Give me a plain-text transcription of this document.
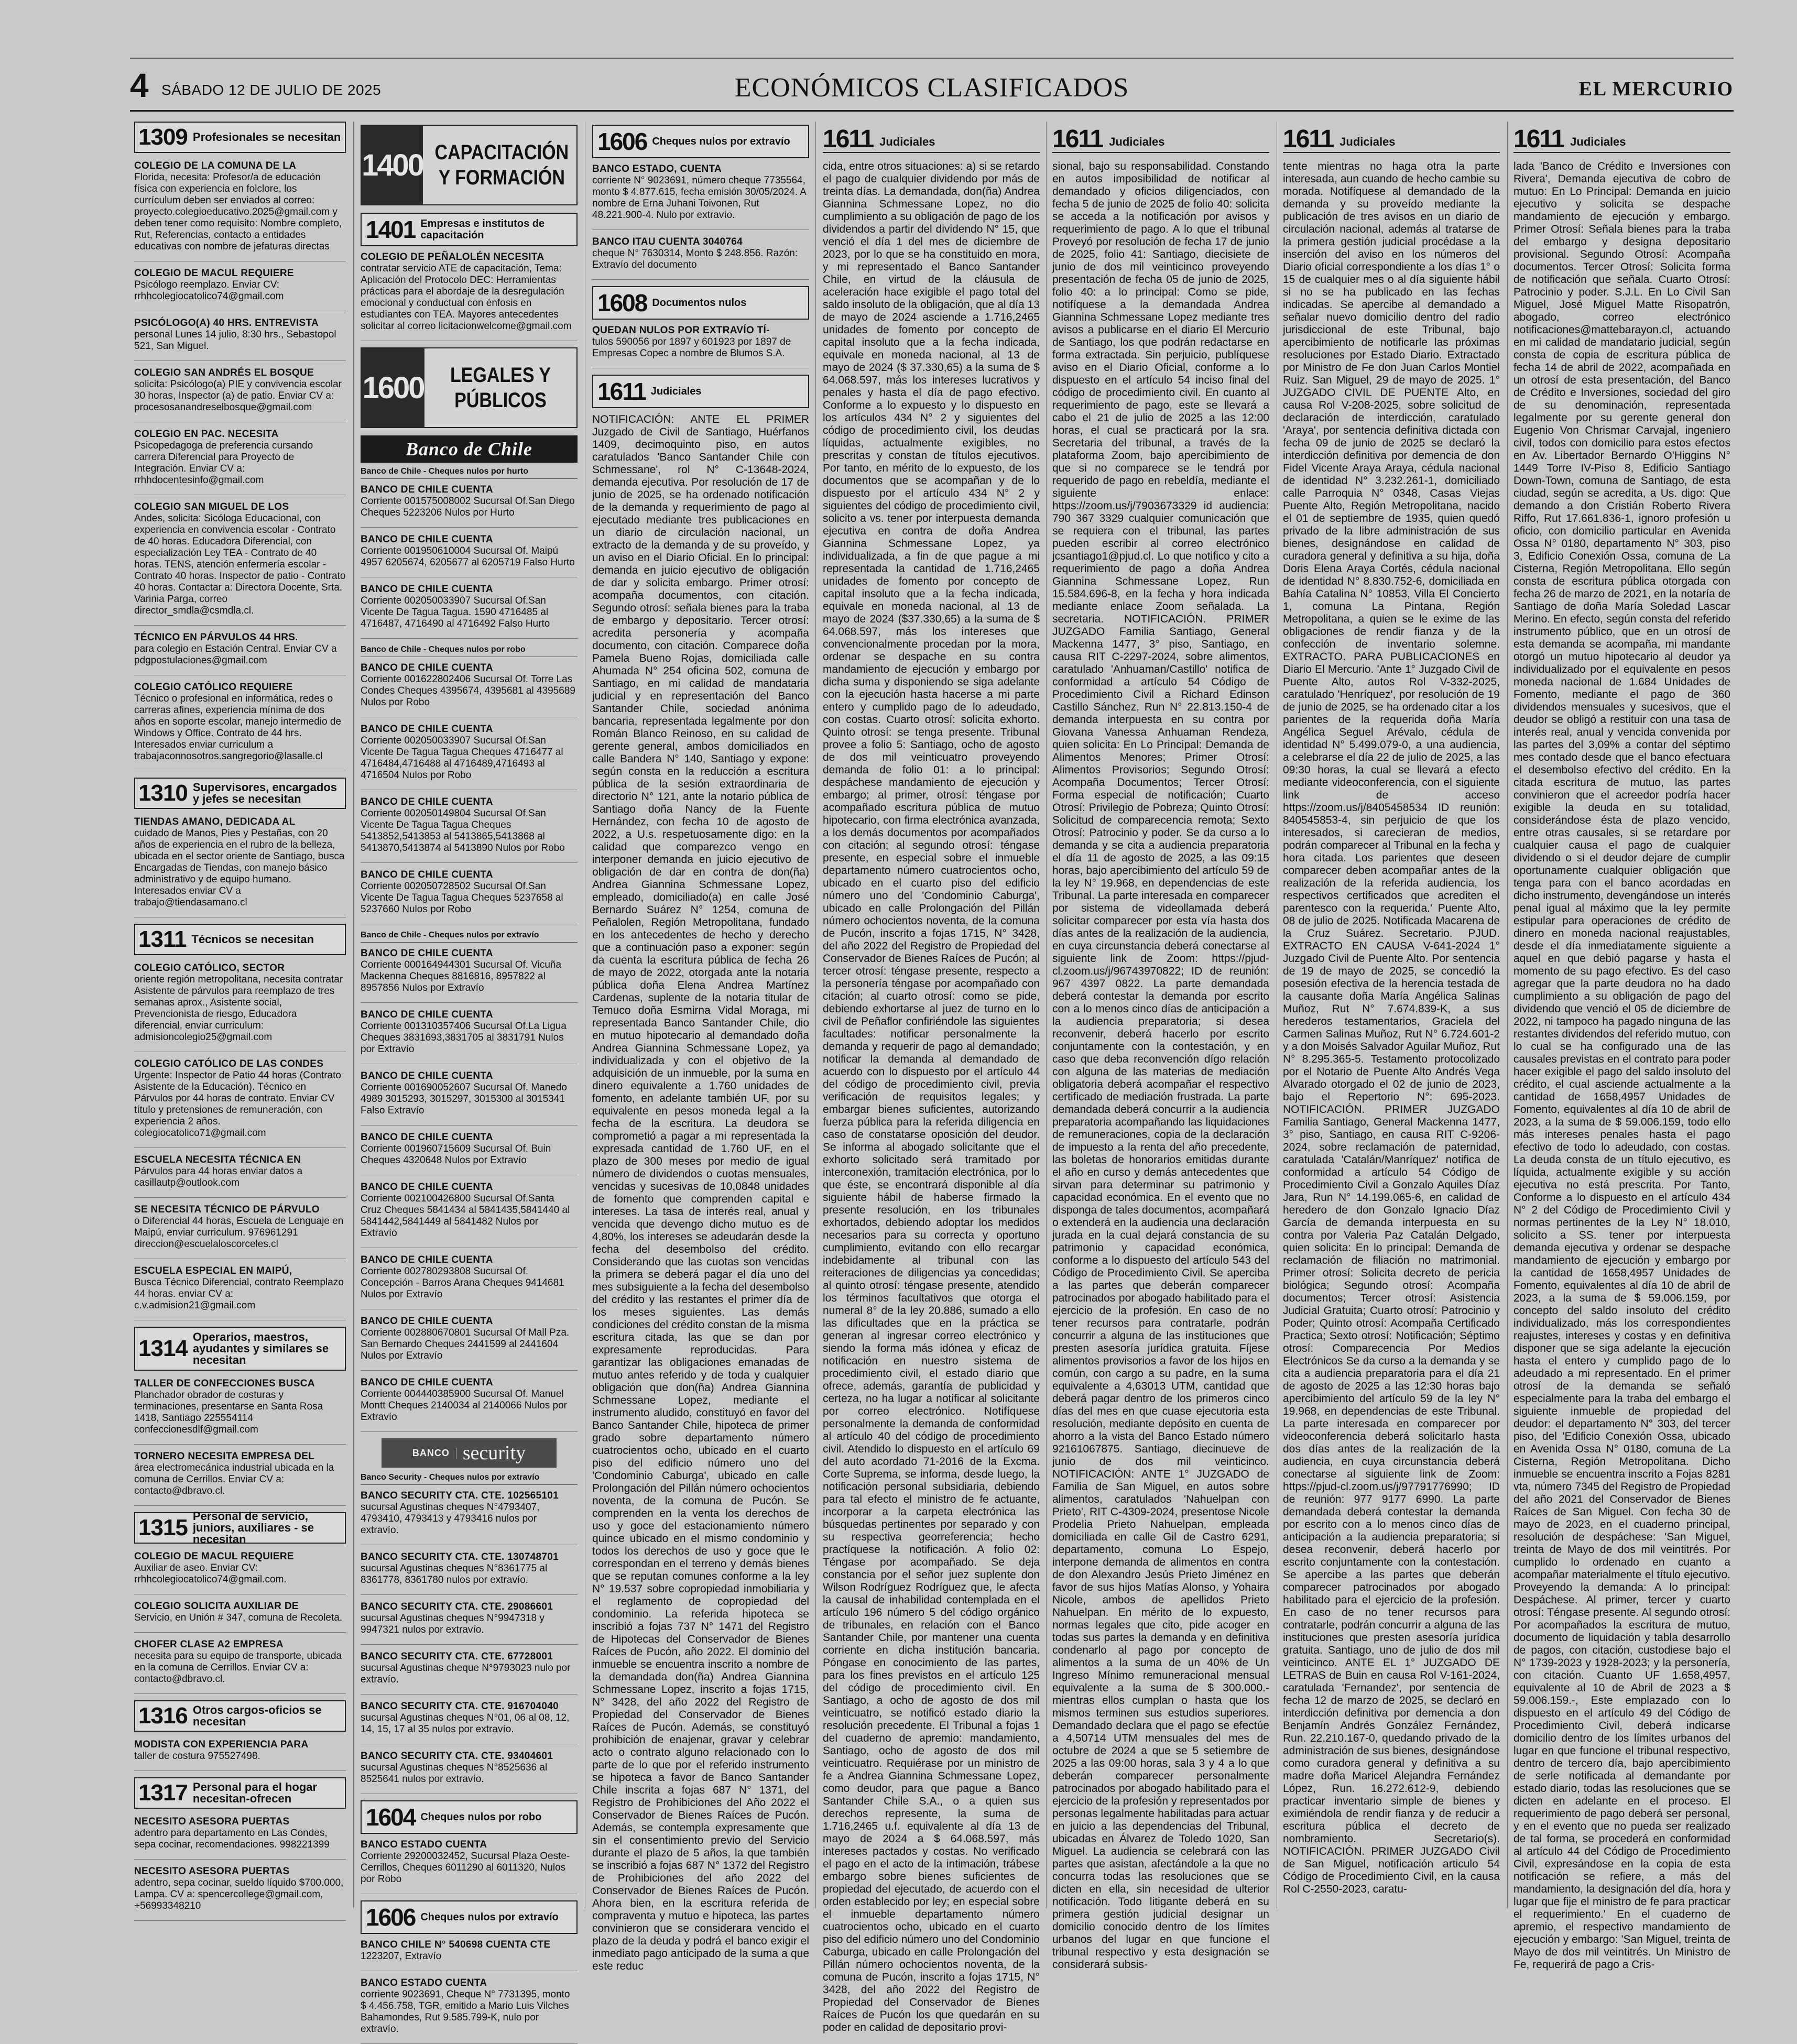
4 SÁBADO 12 DE JULIO DE 2025	ECONÓMICOS CLASIFICADOS	EL MERCURIO
1309 Profesionales se necesitan
COLEGIO DE LA COMUNA DE LA
Florida, necesita: Profesor/a de educación física con experiencia en folclore, los currículum deben ser enviados al correo: proyecto.colegioeducativo.2025@gmail.com y deben tener como requisito: Nombre completo, Rut, Referencias, contacto a entidades educativas con nombre de jefaturas directas
COLEGIO DE MACUL REQUIERE
Psicólogo reemplazo. Enviar CV: rrhhcolegiocatolico74@gmail.com
PSICÓLOGO(A) 40 HRS. ENTREVISTA
personal Lunes 14 julio, 8:30 hrs., Sebastopol 521, San Miguel.
COLEGIO SAN ANDRÉS EL BOSQUE
solicita: Psicólogo(a) PIE y convivencia escolar 30 horas, Inspector (a) de patio. Enviar CV a: procesosanandreselbosque@gmail.com
COLEGIO EN PAC. NECESITA
Psicopedagoga de preferencia cursando carrera Diferencial para Proyecto de Integración. Enviar CV a: rrhhdocentesinfo@gmail.com
COLEGIO SAN MIGUEL DE LOS
Andes, solicita: Sicóloga Educacional, con experiencia en convivencia escolar - Contrato de 40 horas. Educadora Diferencial, con especialización Ley TEA - Contrato de 40 horas. TENS, atención enfermería escolar - Contrato 40 horas. Inspector de patio - Contrato 40 horas. Contactar a: Directora Docente, Srta. Varinia Parga, correo director_smdla@csmdla.cl.
TÉCNICO EN PÁRVULOS 44 HRS.
para colegio en Estación Central. Enviar CV a pdgpostulaciones@gmail.com
COLEGIO CATÓLICO REQUIERE
Técnico o profesional en informática, redes o carreras afines, experiencia mínima de dos años en soporte escolar, manejo intermedio de Windows y Office. Contrato de 44 hrs. Interesados enviar curriculum a trabajaconnosotros.sangregorio@lasalle.cl
1310 Supervisores, encargados y jefes se necesitan
TIENDAS AMANO, DEDICADA AL
cuidado de Manos, Pies y Pestañas, con 20 años de experiencia en el rubro de la belleza, ubicada en el sector oriente de Santiago, busca Encargadas de Tiendas, con manejo básico administrativo y de equipo humano. Interesados enviar CV a trabajo@tiendasamano.cl
1311 Técnicos se necesitan
COLEGIO CATÓLICO, SECTOR
oriente región metropolitana, necesita contratar Asistente de párvulos para reemplazo de tres semanas aprox., Asistente social, Prevencionista de riesgo, Educadora diferencial, enviar curriculum: admisioncolegio25@gmail.com
COLEGIO CATÓLICO DE LAS CONDES
Urgente: Inspector de Patio 44 horas (Contrato Asistente de la Educación). Técnico en Párvulos por 44 horas de contrato. Enviar CV título y pretensiones de remuneración, con experiencia 2 años. colegiocatolico71@gmail.com
ESCUELA NECESITA TÉCNICA EN
Párvulos para 44 horas enviar datos a casillautp@outlook.com
SE NECESITA TÉCNICO DE PÁRVULO
o Diferencial 44 horas, Escuela de Lenguaje en Maipú, enviar curriculum. 976961291 direccion@escuelaloscorceles.cl
ESCUELA ESPECIAL EN MAIPÚ,
Busca Técnico Diferencial, contrato Reemplazo 44 horas. enviar CV a: c.v.admision21@gmail.com
1314 Operarios, maestros, ayudantes y similares se necesitan
TALLER DE CONFECCIONES BUSCA
Planchador obrador de costuras y terminaciones, presentarse en Santa Rosa 1418, Santiago 225554114 confeccionesdlf@gmail.com
TORNERO NECESITA EMPRESA DEL
área electromecánica industrial ubicada en la comuna de Cerrillos. Enviar CV a: contacto@dbravo.cl.
1315 Personal de servicio, juniors, auxiliares - se necesitan
COLEGIO DE MACUL REQUIERE
Auxiliar de aseo. Enviar CV: rrhhcolegiocatolico74@gmail.com.
COLEGIO SOLICITA AUXILIAR DE
Servicio, en Unión # 347, comuna de Recoleta.
CHOFER CLASE A2 EMPRESA
necesita para su equipo de transporte, ubicada en la comuna de Cerrillos. Enviar CV a: contacto@dbravo.cl.
1316 Otros cargos-oficios se necesitan
MODISTA CON EXPERIENCIA PARA
taller de costura 975527498.
1317 Personal para el hogar necesitan-ofrecen
NECESITO ASESORA PUERTAS
adentro para departamento en Las Condes, sepa cocinar, recomendaciones. 998221399
NECESITO ASESORA PUERTAS
adentro, sepa cocinar, sueldo líquido $700.000, Lampa. CV a: spencercollege@gmail.com, +56993348210
1400 CAPACITACIÓN Y FORMACIÓN
1401 Empresas e institutos de capacitación
COLEGIO DE PEÑALOLÉN NECESITA
contratar servicio ATE de capacitación, Tema: Aplicación del Protocolo DEC: Herramientas prácticas para el abordaje de la desregulación emocional y conductual con énfosis en estudiantes con TEA. Mayores antecedentes solicitar al correo licitacionwelcome@gmail.com
1600	LEGALES Y PÚBLICOS
Banco de Chile
Banco de Chile - Cheques nulos por hurto
BANCO DE CHILE CUENTA
Corriente 001575008002 Sucursal Of.San Diego Cheques 5223206 Nulos por Hurto
BANCO DE CHILE CUENTA
Corriente 001950610004 Sucursal Of. Maipú 4957 6205674, 6205677 al 6205719 Falso Hurto
BANCO DE CHILE CUENTA
Corriente 002050033907 Sucursal Of.San Vicente De Tagua Tagua. 1590 4716485 al 4716487, 4716490 al 4716492 Falso Hurto
Banco de Chile - Cheques nulos por robo
BANCO DE CHILE CUENTA
Corriente 001622802406 Sucursal Of. Torre Las Condes Cheques 4395674, 4395681 al 4395689 Nulos por Robo
BANCO DE CHILE CUENTA
Corriente 002050033907 Sucursal Of.San Vicente De Tagua Tagua Cheques 4716477 al 4716484,4716488 al 4716489,4716493 al 4716504 Nulos por Robo
BANCO DE CHILE CUENTA
Corriente 002050149804 Sucursal Of.San Vicente De Tagua Tagua Cheques 5413852,5413853 al 5413865,5413868 al 5413870,5413874 al 5413890 Nulos por Robo
BANCO DE CHILE CUENTA
Corriente 002050728502 Sucursal Of.San Vicente De Tagua Tagua Cheques 5237658 al 5237660 Nulos por Robo
Banco de Chile - Cheques nulos por extravío
BANCO DE CHILE CUENTA
Corriente 000164944301 Sucursal Of. Vicuña Mackenna Cheques 8816816, 8957822 al 8957856 Nulos por Extravío
BANCO DE CHILE CUENTA
Corriente 001310357406 Sucursal Of.La Ligua Cheques 3831693,3831705 al 3831791 Nulos por Extravío
BANCO DE CHILE CUENTA
Corriente 001690052607 Sucursal Of. Manedo 4989 3015293, 3015297, 3015300 al 3015341 Falso Extravío
BANCO DE CHILE CUENTA
Corriente 001960715609 Sucursal Of. Buin Cheques 4320648 Nulos por Extravío
BANCO DE CHILE CUENTA
Corriente 002100426800 Sucursal Of.Santa Cruz Cheques 5841434 al 5841435,5841440 al 5841442,5841449 al 5841482 Nulos por Extravío
BANCO DE CHILE CUENTA
Corriente 002780293808 Sucursal Of. Concepción - Barros Arana Cheques 9414681 Nulos por Extravío
BANCO DE CHILE CUENTA
Corriente 002880670801 Sucursal Of Mall Pza. San Bernardo Cheques 2441599 al 2441604 Nulos por Extravío
BANCO DE CHILE CUENTA
Corriente 004440385900 Sucursal Of. Manuel Montt Cheques 2140034 al 2140066 Nulos por Extravío
BANCO security
Banco Security - Cheques nulos por extravío
BANCO SECURITY CTA. CTE. 102565101
sucursal Agustinas cheques N°4793407, 4793410, 4793413 y 4793416 nulos por extravío.
BANCO SECURITY CTA. CTE. 130748701
sucursal Agustinas cheques N°8361775 al 8361778, 8361780 nulos por extravío.
BANCO SECURITY CTA. CTE. 29086601
sucursal Agustinas cheques N°9947318 y 9947321 nulos por extravío.
BANCO SECURITY CTA. CTE. 67728001
sucursal Agustinas cheque N°9793023 nulo por extravío.
BANCO SECURITY CTA. CTE. 916704040
sucursal Agustinas cheques N°01, 06 al 08, 12, 14, 15, 17 al 35 nulos por extravío.
BANCO SECURITY CTA. CTE. 93404601
sucursal Agustinas cheques N°8525636 al 8525641 nulos por extravío.
1604 Cheques nulos por robo
BANCO ESTADO CUENTA
Corriente 29200032452, Sucursal Plaza Oeste- Cerrillos, Cheques 6011290 al 6011320, Nulos por Robo
1606 Cheques nulos por extravío
BANCO CHILE N° 540698 CUENTA CTE
1223207, Extravío
BANCO ESTADO CUENTA
corriente 9023691, Cheque N° 7731395, monto $ 4.456.758, TGR, emitido a Mario Luis Vilches Bahamondes, Rut 9.585.799-K, nulo por extravío.
1606 Cheques nulos por extravío
BANCO ESTADO, CUENTA
corriente N° 9023691, número cheque 7735564, monto $ 4.877.615, fecha emisión 30/05/2024. A nombre de Erna Juhani Toivonen, Rut 48.221.900-4. Nulo por extravío.
BANCO ITAU CUENTA 3040764
cheque N° 7630314, Monto $ 248.856. Razón: Extravío del documento
1608 Documentos nulos
QUEDAN NULOS POR EXTRAVÍO TÍ-
tulos 590056 por 1897 y 601923 por 1897 de Empresas Copec a nombre de Blumos S.A.
1611 Judiciales
NOTIFICACIÓN: ANTE EL PRIMER Juzgado de Civil de Santiago, Huérfanos 1409, decimoquinto piso, en autos caratulados 'Banco Santander Chile con Schmessane', rol N° C-13648-2024, demanda ejecutiva. Por resolución de 17 de junio de 2025, se ha ordenado notificación de la demanda y requerimiento de pago al ejecutado mediante tres publicaciones en un diario de circulación nacional, un extracto de la demanda y de su proveído, y un aviso en el Diario Oficial. En lo principal: demanda en juicio ejecutivo de obligación de dar y solicita embargo. Primer otrosí: acompaña documentos, con citación. Segundo otrosí: señala bienes para la traba de embargo y depositario. Tercer otrosí: acredita personería y acompaña documento, con citación. Comparece doña Pamela Bueno Rojas, domiciliada calle Ahumada N° 254 oficina 502, comuna de Santiago, en mi calidad de mandataria judicial y en representación del Banco Santander Chile, sociedad anónima bancaria, representada legalmente por don Román Blanco Reinoso, en su calidad de gerente general, ambos domiciliados en calle Bandera N° 140, Santiago y expone: según consta en la reducción a escritura pública de la sesión extraordinaria de directorio N° 121, ante la notario pública de Santiago doña Nancy de la Fuente Hernández, con fecha 10 de agosto de 2022, a U.s. respetuosamente digo: en la calidad que comparezco vengo en interponer demanda en juicio ejecutivo de obligación de dar en contra de don(ña) Andrea Giannina Schmessane Lopez, empleado, domiciliado(a) en calle José Bernardo Suárez N° 1254, comuna de Peñalolen, Región Metropolitana, fundado en los antecedentes de hecho y derecho que a continuación paso a exponer: según da cuenta la escritura pública de fecha 26 de mayo de 2022, otorgada ante la notaria pública doña Elena Andrea Martínez Cardenas, suplente de la notaria titular de Temuco doña Esmirna Vidal Moraga, mi representada Banco Santander Chile, dio en mutuo hipotecario al demandado doña Andrea Giannina Schmessane Lopez, ya individualizada y con el objetivo de la adquisición de un inmueble, por la suma en dinero equivalente a 1.760 unidades de fomento, en adelante también UF, por su equivalente en pesos moneda legal a la fecha de la escritura. La deudora se comprometió a pagar a mi representada la expresada cantidad de 1.760 UF, en el plazo de 300 meses por medio de igual número de dividendos o cuotas mensuales, vencidas y sucesivas de 10,0848 unidades de fomento que comprenden capital e intereses. La tasa de interés real, anual y vencida que devengo dicho mutuo es de 4,80%, los intereses se adeudarán desde la fecha del desembolso del crédito. Considerando que las cuotas son vencidas la primera se deberá pagar el día uno del mes subsiguiente a la fecha del desembolso del crédito y las restantes el primer día de los meses siguientes. Las demás condiciones del crédito constan de la misma escritura citada, las que se dan por expresamente reproducidas. Para garantizar las obligaciones emanadas de mutuo antes referido y de toda y cualquier obligación que don(ña) Andrea Giannina Schmessane Lopez, mediante el instrumento aludido, constituyó en favor del Banco Santander Chile, hipoteca de primer grado sobre departamento número cuatrocientos ocho, ubicado en el cuarto piso del edificio número uno del 'Condominio Caburga', ubicado en calle Prolongación del Pillán número ochocientos noventa, de la comuna de Pucón. Se comprenden en la venta los derechos de uso y goce del estacionamiento número quince ubicado en el mismo condominio y todos los derechos de uso y goce que le correspondan en el terreno y demás bienes que se reputan comunes conforme a la ley N° 19.537 sobre copropiedad inmobiliaria y el reglamento de copropiedad del condominio. La referida hipoteca se inscribió a fojas 737 N° 1471 del Registro de Hipotecas del Conservador de Bienes Raíces de Pucón, año 2022. El dominio del inmueble se encuentra inscrito a nombre de la demandada don(ña) Andrea Giannina Schmessane Lopez, inscrito a fojas 1715, N° 3428, del año 2022 del Registro de Propiedad del Conservador de Bienes Raíces de Pucón. Además, se constituyó prohibición de enajenar, gravar y celebrar acto o contrato alguno relacionado con lo parte de lo que por el referido instrumento se hipoteca a favor de Banco Santander Chile inscrita a fojas 687 N° 1371, del Registro de Prohibiciones del Año 2022 el Conservador de Bienes Raíces de Pucón. Además, se contempla expresamente que sin el consentimiento previo del Servicio durante el plazo de 5 años, la que también se inscribió a fojas 687 N° 1372 del Registro de Prohibiciones del año 2022 del Conservador de Bienes Raíces de Pucón. Ahora bien, en la escritura referida de compraventa y mutuo e hipoteca, las partes convinieron que se considerara vencido el plazo de la deuda y podrá el banco exigir el inmediato pago anticipado de la suma a que este reduc
1611 Judiciales
cida, entre otros situaciones: a) si se retardo el pago de cualquier dividendo por más de treinta días. La demandada, don(ña) Andrea Giannina Schmessane Lopez, no dio cumplimiento a su obligación de pago de los dividendos a partir del dividendo N° 15, que venció el día 1 del mes de diciembre de 2023, por lo que se ha constituido en mora, y mi representado el Banco Santander Chile, en virtud de la cláusula de aceleración hace exigible el pago total del saldo insoluto de la obligación, que al día 13 de mayo de 2024 asciende a 1.716,2465 unidades de fomento por concepto de capital insoluto que a la fecha indicada, equivale en moneda nacional, al 13 de mayo de 2024 ($ 37.330,65) a la suma de $ 64.068.597, más los intereses lucrativos y penales y hasta el día de pago efectivo. Conforme a lo expuesto y lo dispuesto en los artículos 434 N° 2 y siguientes del código de procedimiento civil, los deudas líquidas, actualmente exigibles, no prescritas y constan de títulos ejecutivos. Por tanto, en mérito de lo expuesto, de los documentos que se acompañan y de lo dispuesto por el artículo 434 N° 2 y siguientes del código de procedimiento civil, solicito a vs. tener por interpuesta demanda ejecutiva en contra de doña Andrea Giannina Schmessane Lopez, ya individualizada, a fin de que pague a mi representada la cantidad de 1.716,2465 unidades de fomento por concepto de capital insoluto que a la fecha indicada, equivale en moneda nacional, al 13 de mayo de 2024 ($37.330,65) a la suma de $ 64.068.597, más los intereses que convencionalmente procedan por la mora, ordenar se despache en su contra mandamiento de ejecución y embargo por dicha suma y disponiendo se siga adelante con la ejecución hasta hacerse a mi parte entero y cumplido pago de lo adeudado, con costas. Cuarto otrosí: solicita exhorto. Quinto otrosí: se tenga presente. Tribunal provee a folio 5: Santiago, ocho de agosto de dos mil veinticuatro proveyendo demanda de folio 01: a lo principal: despáchese mandamiento de ejecución y embargo; al primer, otrosí: téngase por acompañado escritura pública de mutuo hipotecario, con firma electrónica avanzada, a los demás documentos por acompañados con citación; al segundo otrosí: téngase presente, en especial sobre el inmueble departamento número cuatrocientos ocho, ubicado en el cuarto piso del edificio número uno del 'Condominio Caburga', ubicado en calle Prolongación del Pillán número ochocientos noventa, de la comuna de Pucón, inscrito a fojas 1715, N° 3428, del año 2022 del Registro de Propiedad del Conservador de Bienes Raíces de Pucón; al tercer otrosí: téngase presente, respecto a la personería téngase por acompañado con citación; al cuarto otrosí: como se pide, debiendo exhortarse al juez de turno en lo civil de Peñaflor confiriéndole las siguientes facultades: notificar personalmente la demanda y requerir de pago al demandado; notificar la demanda al demandado de acuerdo con lo dispuesto por el artículo 44 del código de procedimiento civil, previa verificación de requisitos legales; y embargar bienes suficientes, autorizando fuerza pública para la referida diligencia en caso de constatarse oposición del deudor. Se informa al abogado solicitante que el exhorto solicitado será tramitado por interconexión, tramitación electrónica, por lo que éste, se encontrará disponible al día siguiente hábil de haberse firmado la presente resolución, en los tribunales exhortados, debiendo adoptar los medidos necesarios para su correcta y oportuno cumplimiento, evitando con ello recargar indebidamente al tribunal con las reiteraciones de diligencias ya concedidas; al quinto otrosí: téngase presente, atendido los términos facultativos que otorga el numeral 8° de la ley 20.886, sumado a ello las dificultades que en la práctica se generan al ingresar correo electrónico y siendo la forma más idónea y eficaz de notificación en nuestro sistema de procedimiento civil, el estado diario que ofrece, además, garantía de publicidad y certeza, no ha lugar a notificar al solicitante por correo electrónico. Notifíquese personalmente la demanda de conformidad al artículo 40 del código de procedimiento civil. Atendido lo dispuesto en el artículo 69 del auto acordado 71-2016 de la Excma. Corte Suprema, se informa, desde luego, la notificación personal subsidiaria, debiendo para tal efecto el ministro de fe actuante, incorporar a la carpeta electrónica las búsquedas pertinentes por separado y con su respectiva georreferencia; hecho practíquese la notificación. A folio 02: Téngase por acompañado. Se deja constancia por el señor juez suplente don Wilson Rodríguez Rodríguez que, le afecta la causal de inhabilidad contemplada en el artículo 196 número 5 del código orgánico de tribunales, en relación con el Banco Santander Chile, por mantener una cuenta corriente en dicha institución bancaria. Póngase en conocimiento de las partes, para los fines previstos en el artículo 125 del código de procedimiento civil. En Santiago, a ocho de agosto de dos mil veinticuatro, se notificó estado diario la resolución precedente. El Tribunal a fojas 1 del cuaderno de apremio: mandamiento, Santiago, ocho de agosto de dos mil veinticuatro. Requiérase por un ministro de fe a Andrea Giannina Schmessane Lopez, como deudor, para que pague a Banco Santander Chile S.A., o a quien sus derechos represente, la suma de 1.716,2465 u.f. equivalente al día 13 de mayo de 2024 a $ 64.068.597, más intereses pactados y costas. No verificado el pago en el acto de la intimación, trábese embargo sobre bienes suficientes de propiedad del ejecutado, de acuerdo con el orden establecido por ley; en especial sobre el inmueble departamento número cuatrocientos ocho, ubicado en el cuarto piso del edificio número uno del Condominio Caburga, ubicado en calle Prolongación del Pillán número ochocientos noventa, de la comuna de Pucón, inscrito a fojas 1715, N° 3428, del año 2022 del Registro de Propiedad del Conservador de Bienes Raíces de Pucón los que quedarán en su poder en calidad de depositario provi-
1611 Judiciales
sional, bajo su responsabilidad. Constando en autos imposibilidad de notificar al demandado y oficios diligenciados, con fecha 5 de junio de 2025 de folio 40: solicita se acceda a la notificación por avisos y requerimiento de pago. A lo que el tribunal Proveyó por resolución de fecha 17 de junio de 2025, folio 41: Santiago, diecisiete de junio de dos mil veinticinco proveyendo presentación de fecha 05 de junio de 2025, folio 40: a lo principal: Como se pide, notifíquese a la demandada Andrea Giannina Schmessane Lopez mediante tres avisos a publicarse en el diario El Mercurio de Santiago, los que podrán redactarse en forma extractada. Sin perjuicio, publíquese aviso en el Diario Oficial, conforme a lo dispuesto en el artículo 54 inciso final del código de procedimiento civil. En cuanto al requerimiento de pago, este se llevará a cabo el 21 de julio de 2025 a las 12:00 horas, el cual se practicará por la sra. Secretaria del tribunal, a través de la plataforma Zoom, bajo apercibimiento de que si no comparece se le tendrá por requerido de pago en rebeldía, mediante el siguiente enlace: https://zoom.us/j/7903673329 id audiencia: 790 367 3329 cualquier comunicación que se requiera con el tribunal, las partes pueden escribir al correo electrónico jcsantiago1@pjud.cl. Lo que notifico y cito a requerimiento de pago a doña Andrea Giannina Schmessane Lopez, Run 15.584.696-8, en la fecha y hora indicada mediante enlace Zoom señalada. La secretaria. NOTIFICACIÓN. PRIMER JUZGADO Familia Santiago, General Mackenna 1477, 3° piso, Santiago, en causa RIT C-2297-2024, sobre alimentos, caratulado 'Anhuaman/Castillo' notifica de conformidad a artículo 54 Código de Procedimiento Civil a Richard Edinson Castillo Sánchez, Run N° 22.813.150-4 de demanda interpuesta en su contra por Giovana Vanessa Anhuaman Rendeza, quien solicita: En Lo Principal: Demanda de Alimentos Menores; Primer Otrosí: Alimentos Provisorios; Segundo Otrosí: Acompaña Documentos; Tercer Otrosí: Forma especial de notificación; Cuarto Otrosí: Privilegio de Pobreza; Quinto Otrosí: Solicitud de comparecencia remota; Sexto Otrosí: Patrocinio y poder. Se da curso a lo demanda y se cita a audiencia preparatoria el día 11 de agosto de 2025, a las 09:15 horas, bajo apercibimiento del artículo 59 de la ley N° 19.968, en dependencias de este Tribunal. La parte interesada en comparecer por sistema de videollamada deberá solicitar comparecer por esta vía hasta dos días antes de la realización de la audiencia, en cuya circunstancia deberá conectarse al siguiente link de Zoom: https://pjud-cl.zoom.us/j/96743970822; ID de reunión: 967 4397 0822. La parte demandada deberá contestar la demanda por escrito con a lo menos cinco días de anticipación a la audiencia preparatoria; si desea reconvenir, deberá hacerlo por escrito conjuntamente con la contestación, y en caso que deba reconvención dígo relación con alguna de las materias de mediación obligatoria deberá acompañar el respectivo certificado de mediación frustrada. La parte demandada deberá concurrir a la audiencia preparatoria acompañando las liquidaciones de remuneraciones, copia de la declaración de impuesto a la renta del año precedente, las boletas de honorarios emitidas durante el año en curso y demás antecedentes que sirvan para determinar su patrimonio y capacidad económica. En el evento que no disponga de tales documentos, acompañará o extenderá en la audiencia una declaración jurada en la cual dejará constancia de su patrimonio y capacidad económica, conforme a lo dispuesto del artículo 543 del Código de Procedimiento Civil. Se aperciba a las partes que deberán comparecer patrocinados por abogado habilitado para el ejercicio de la profesión. En caso de no tener recursos para contratarle, podrán concurrir a alguna de las instituciones que presten asesoría jurídica gratuita. Fíjese alimentos provisorios a favor de los hijos en común, con cargo a su padre, en la suma equivalente a 4,63013 UTM, cantidad que deberá pagar dentro de los primeros cinco días del mes en que cuase ejecutoria esta resolución, mediante depósito en cuenta de ahorro a la vista del Banco Estado número 92161067875. Santiago, diecinueve de junio de dos mil veinticinco. NOTIFICACIÓN: ANTE 1° JUZGADO de Familia de San Miguel, en autos sobre alimentos, caratulados 'Nahuelpan con Prieto', RIT C-4309-2024, presentose Nicole Prodelia Prieto Nahuelpan, empleada domiciliada en calle Gil de Castro 6291, departamento, comuna Lo Espejo, interpone demanda de alimentos en contra de don Alexandro Jesús Prieto Jiménez en favor de sus hijos Matías Alonso, y Yohaira Nicole, ambos de apellidos Prieto Nahuelpan. En mérito de lo expuesto, normas legales que cito, pide acoger en todas sus partes la demanda y en definitiva condenarlo al pago por concepto de alimentos a la suma de un 40% de Un Ingreso Mínimo remuneracional mensual equivalente a la suma de $ 300.000.- mientras ellos cumplan o hasta que los mismos terminen sus estudios superiores. Demandado declara que el pago se efectúe a 4,50714 UTM mensuales del mes de octubre de 2024 a que se 5 setiembre de 2025 a las 09:00 horas, sala 3 y 4 a lo que deberán comparecer personalmente patrocinados por abogado habilitado para el ejercicio de la profesión y representados por personas legalmente habilitadas para actuar en juicio a las dependencias del Tribunal, ubicadas en Álvarez de Toledo 1020, San Miguel. La audiencia se celebrará con las partes que asistan, afectándole a la que no concurra todas las resoluciones que se dicten en ella, sin necesidad de ulterior notificación. Todo litigante deberá en su primera gestión judicial designar un domicilio conocido dentro de los límites urbanos del lugar en que funcione el tribunal respectivo y esta designación se considerará subsis-
1611 Judiciales
tente mientras no haga otra la parte interesada, aun cuando de hecho cambie su morada. Notifíquese al demandado de la demanda y su proveído mediante la publicación de tres avisos en un diario de circulación nacional, además al tratarse de la primera gestión judicial procédase a la inserción del aviso en los números del Diario oficial correspondiente a los días 1° o 15 de cualquier mes o al día siguiente hábil si no se ha publicado en las fechas indicadas. Se apercibe al demandado a señalar nuevo domicilio dentro del radio jurisdiccional de este Tribunal, bajo apercibimiento de notificarle las próximas resoluciones por Estado Diario. Extractado por Ministro de Fe don Juan Carlos Montiel Ruiz. San Miguel, 29 de mayo de 2025. 1° JUZGADO CIVIL DE PUENTE Alto, en causa Rol V-208-2025, sobre solicitud de declaración de interdicción, caratulado 'Araya', por sentencia definitiva dictada con fecha 09 de junio de 2025 se declaró la interdicción definitiva por demencia de don Fidel Vicente Araya Araya, cédula nacional de identidad N° 3.232.261-1, domiciliado calle Parroquia N° 0348, Casas Viejas Puente Alto, Región Metropolitana, nacido el 01 de septiembre de 1935, quien quedó privado de la libre administración de sus bienes, designándose en calidad de curadora general y definitiva a su hija, doña Doris Elena Araya Cortés, cédula nacional de identidad N° 8.830.752-6, domiciliada en Bahía Catalina N° 10853, Villa El Concierto 1, comuna La Pintana, Región Metropolitana, a quien se le exime de las obligaciones de rendir fianza y de la confección de inventario solemne. EXTRACTO. PARA PUBLICACIONES en Diario El Mercurio. 'Ante 1° Juzgado Civil de Puente Alto, autos Rol V-332-2025, caratulado 'Henríquez', por resolución de 19 de junio de 2025, se ha ordenado citar a los parientes de la requerida doña María Angélica Seguel Arévalo, cédula de identidad N° 5.499.079-0, a una audiencia, a celebrarse el día 22 de julio de 2025, a las 09:30 horas, la cual se llevará a efecto mediante videoconferencia, con el siguiente link de acceso https://zoom.us/j/8405458534 ID reunión: 840545853-4, sin perjuicio de que los interesados, si carecieran de medios, podrán comparecer al Tribunal en la fecha y hora citada. Los parientes que deseen comparecer deben acompañar antes de la realización de la referida audiencia, los respectivos certificados que acrediten el parentesco con la requerida.' Puente Alto, 08 de julio de 2025. Notificada Macarena de la Cruz Suárez. Secretario. PJUD. EXTRACTO EN CAUSA V-641-2024 1° Juzgado Civil de Puente Alto. Por sentencia de 19 de mayo de 2025, se concedió la posesión efectiva de la herencia testada de la causante doña María Angélica Salinas Muñoz, Rut N° 7.674.839-K, a sus herederos testamentarios, Graciela del Carmen Salinas Muñoz, Rut N° 6.724.601-2 y a don Moisés Salvador Aguilar Muñoz, Rut N° 8.295.365-5. Testamento protocolizado por el Notario de Puente Alto Andrés Vega Alvarado otorgado el 02 de junio de 2023, bajo el Repertorio N°: 695-2023. NOTIFICACIÓN. PRIMER JUZGADO Familia Santiago, General Mackenna 1477, 3° piso, Santiago, en causa RIT C-9206-2024, sobre reclamación de paternidad, caratulada 'Catalán/Manríquez' notifica de conformidad a artículo 54 Código de Procedimiento Civil a Gonzalo Aquiles Díaz Jara, Run N° 14.199.065-6, en calidad de heredero de don Gonzalo Ignacio Díaz García de demanda interpuesta en su contra por Valeria Paz Catalán Delgado, quien solicita: En lo principal: Demanda de reclamación de filiación no matrimonial. Primer otrosí: Solicita decreto de pericia biológica; Segundo otrosí: Acompaña documentos; Tercer otrosí: Asistencia Judicial Gratuita; Cuarto otrosí: Patrocinio y Poder; Quinto otrosí: Acompaña Certificado Practica; Sexto otrosí: Notificación; Séptimo otrosí: Comparecencia Por Medios Electrónicos Se da curso a la demanda y se cita a audiencia preparatoria para el día 21 de agosto de 2025 a las 12:30 horas bajo apercibimiento del artículo 59 de la ley N° 19.968, en dependencias de este Tribunal. La parte interesada en comparecer por videoconferencia deberá solicitarlo hasta dos días antes de la realización de la audiencia, en cuya circunstancia deberá conectarse al siguiente link de Zoom: https://pjud-cl.zoom.us/j/97791776990; ID de reunión: 977 9177 6990. La parte demandada deberá contestar la demanda por escrito con a lo menos cinco días de anticipación a la audiencia preparatoria; si desea reconvenir, deberá hacerlo por escrito conjuntamente con la contestación. Se apercibe a las partes que deberán comparecer patrocinados por abogado habilitado para el ejercicio de la profesión. En caso de no tener recursos para contratarle, podrán concurrir a alguna de las instituciones que presten asesoría jurídica gratuita. Santiago, uno de julio de dos mil veinticinco. ANTE EL 1° JUZGADO DE LETRAS de Buin en causa Rol V-161-2024, caratulada 'Fernandez', por sentencia de fecha 12 de marzo de 2025, se declaró en interdicción definitiva por demencia a don Benjamín Andrés González Fernández, Run. 22.210.167-0, quedando privado de la administración de sus bienes, designándose como curadora general y definitiva a su madre doña Maricel Alejandra Fernández López, Run. 16.272.612-9, debiendo practicar inventario simple de bienes y eximiéndola de rendir fianza y de reducir a escritura pública el decreto de nombramiento. Secretario(s). NOTIFICACIÓN. PRIMER JUZGADO Civil de San Miguel, notificación articulo 54 Código de Procedimiento Civil, en la causa Rol C-2550-2023, caratu-
1611 Judiciales
lada 'Banco de Crédito e Inversiones con Rivera', Demanda ejecutiva de cobro de mutuo: En Lo Principal: Demanda en juicio ejecutivo y solicita se despache mandamiento de ejecución y embargo. Primer Otrosí: Señala bienes para la traba del embargo y designa depositario provisional. Segundo Otrosí: Acompaña documentos. Tercer Otrosí: Solicita forma de notificación que señala. Cuarto Otrosí: Patrocinio y poder. S.J.L. En Lo Civil San Miguel, José Miguel Matte Risopatrón, abogado, correo electrónico notificaciones@mattebarayon.cl, actuando en mi calidad de mandatario judicial, según consta de copia de escritura pública de fecha 14 de abril de 2022, acompañada en un otrosí de esta presentación, del Banco de Crédito e Inversiones, sociedad del giro de su denominación, representada legalmente por su gerente general don Eugenio Von Chrismar Carvajal, ingeniero civil, todos con domicilio para estos efectos en Av. Libertador Bernardo O'Higgins N° 1449 Torre IV-Piso 8, Edificio Santiago Down-Town, comuna de Santiago, de esta ciudad, según se acredita, a Us. digo: Que demando a don Cristián Roberto Rivera Riffo, Rut 17.661.836-1, ignoro profesión u oficio, con domicilio particular en Avenida Ossa N° 0180, departamento N° 303, piso 3, Edificio Conexión Ossa, comuna de La Cisterna, Región Metropolitana. Ello según consta de escritura pública otorgada con fecha 26 de marzo de 2021, en la notaría de Santiago de doña María Soledad Lascar Merino. En efecto, según consta del referido instrumento público, que en un otrosí de esta demanda se acompaña, mi mandante otorgó un mutuo hipotecario al deudor ya individualizado por el equivalente en pesos moneda nacional de 1.684 Unidades de Fomento, mediante el pago de 360 dividendos mensuales y sucesivos, que el deudor se obligó a restituir con una tasa de interés real, anual y vencida convenida por las partes del 3,09% a contar del séptimo mes contado desde que el banco efectuara el desembolso efectivo del crédito. En la citada escritura de mutuo, las partes convinieron que el acreedor podría hacer exigible la deuda en su totalidad, considerándose ésta de plazo vencido, entre otras causales, si se retardare por cualquier causa el pago de cualquier dividendo o si el deudor dejare de cumplir oportunamente cualquier obligación que tenga para con el banco acordadas en dicho instrumento, devengándose un interés penal igual al máximo que la ley permite estipular para operaciones de crédito de dinero en moneda nacional reajustables, desde el día inmediatamente siguiente a aquel en que debió pagarse y hasta el momento de su pago efectivo. Es del caso agregar que la parte deudora no ha dado cumplimiento a su obligación de pago del dividendo que venció el 05 de diciembre de 2022, ni tampoco ha pagado ninguna de las restantes dividendos del referido mutuo, con lo cual se ha configurado una de las causales previstas en el contrato para poder hacer exigible el pago del saldo insoluto del crédito, el cual asciende actualmente a la cantidad de 1658,4957 Unidades de Fomento, equivalentes al día 10 de abril de 2023, a la suma de $ 59.006.159, todo ello más intereses penales hasta el pago efectivo de todo lo adeudado, con costas. La deuda consta de un título ejecutivo, es líquida, actualmente exigible y su acción ejecutiva no está prescrita. Por Tanto, Conforme a lo dispuesto en el artículo 434 N° 2 del Código de Procedimiento Civil y normas pertinentes de la Ley N° 18.010, solicito a SS. tener por interpuesta demanda ejecutiva y ordenar se despache mandamiento de ejecución y embargo por la cantidad de 1658,4957 Unidades de Fomento, equivalentes al día 10 de abril de 2023, a la suma de $ 59.006.159, por concepto del saldo insoluto del crédito individualizado, más los correspondientes reajustes, intereses y costas y en definitiva disponer que se siga adelante la ejecución hasta el entero y cumplido pago de lo adeudado a mi representado. En el primer otrosí de la demanda se señaló especialmente para la traba del embargo el siguiente inmueble de propiedad del deudor: el departamento N° 303, del tercer piso, del 'Edificio Conexión Ossa, ubicado en Avenida Ossa N° 0180, comuna de La Cisterna, Región Metropolitana. Dicho inmueble se encuentra inscrito a Fojas 8281 vta, número 7345 del Registro de Propiedad del año 2021 del Conservador de Bienes Raíces de San Miguel. Con fecha 30 de mayo de 2023, en el cuaderno principal, resolución de despáchese: 'San Miguel, treinta de Mayo de dos mil veintitrés. Por cumplido lo ordenado en cuanto a acompañar materialmente el título ejecutivo. Proveyendo la demanda: A lo principal: Despáchese. Al primer, tercer y cuarto otrosí: Téngase presente. Al segundo otrosí: Por acompañados la escritura de mutuo, documento de liquidación y tabla desarrollo de pagos, con citación, custodiese bajo el N° 1739-2023 y 1928-2023; y la personería, con citación. Cuanto UF 1.658,4957, equivalente al 10 de Abril de 2023 a $ 59.006.159.-, Este emplazado con lo dispuesto en el artículo 49 del Código de Procedimiento Civil, deberá indicarse domicilio dentro de los límites urbanos del lugar en que funcione el tribunal respectivo, dentro de tercero día, bajo apercibimiento de serle notificada al demandante por estado diario, todas las resoluciones que se dicten en adelante en el proceso. El requerimiento de pago deberá ser personal, y en el evento que no pueda ser realizado de tal forma, se procederá en conformidad al artículo 44 del Código de Procedimiento Civil, expresándose en la copia de esta notificación se refiere, a más del mandamiento, la designación del día, hora y lugar que fije el ministro de fe para practicar el requerimiento.' En el cuaderno de apremio, el respectivo mandamiento de ejecución y embargo: 'San Miguel, treinta de Mayo de dos mil veintitrés. Un Ministro de Fe, requerirá de pago a Cris-
